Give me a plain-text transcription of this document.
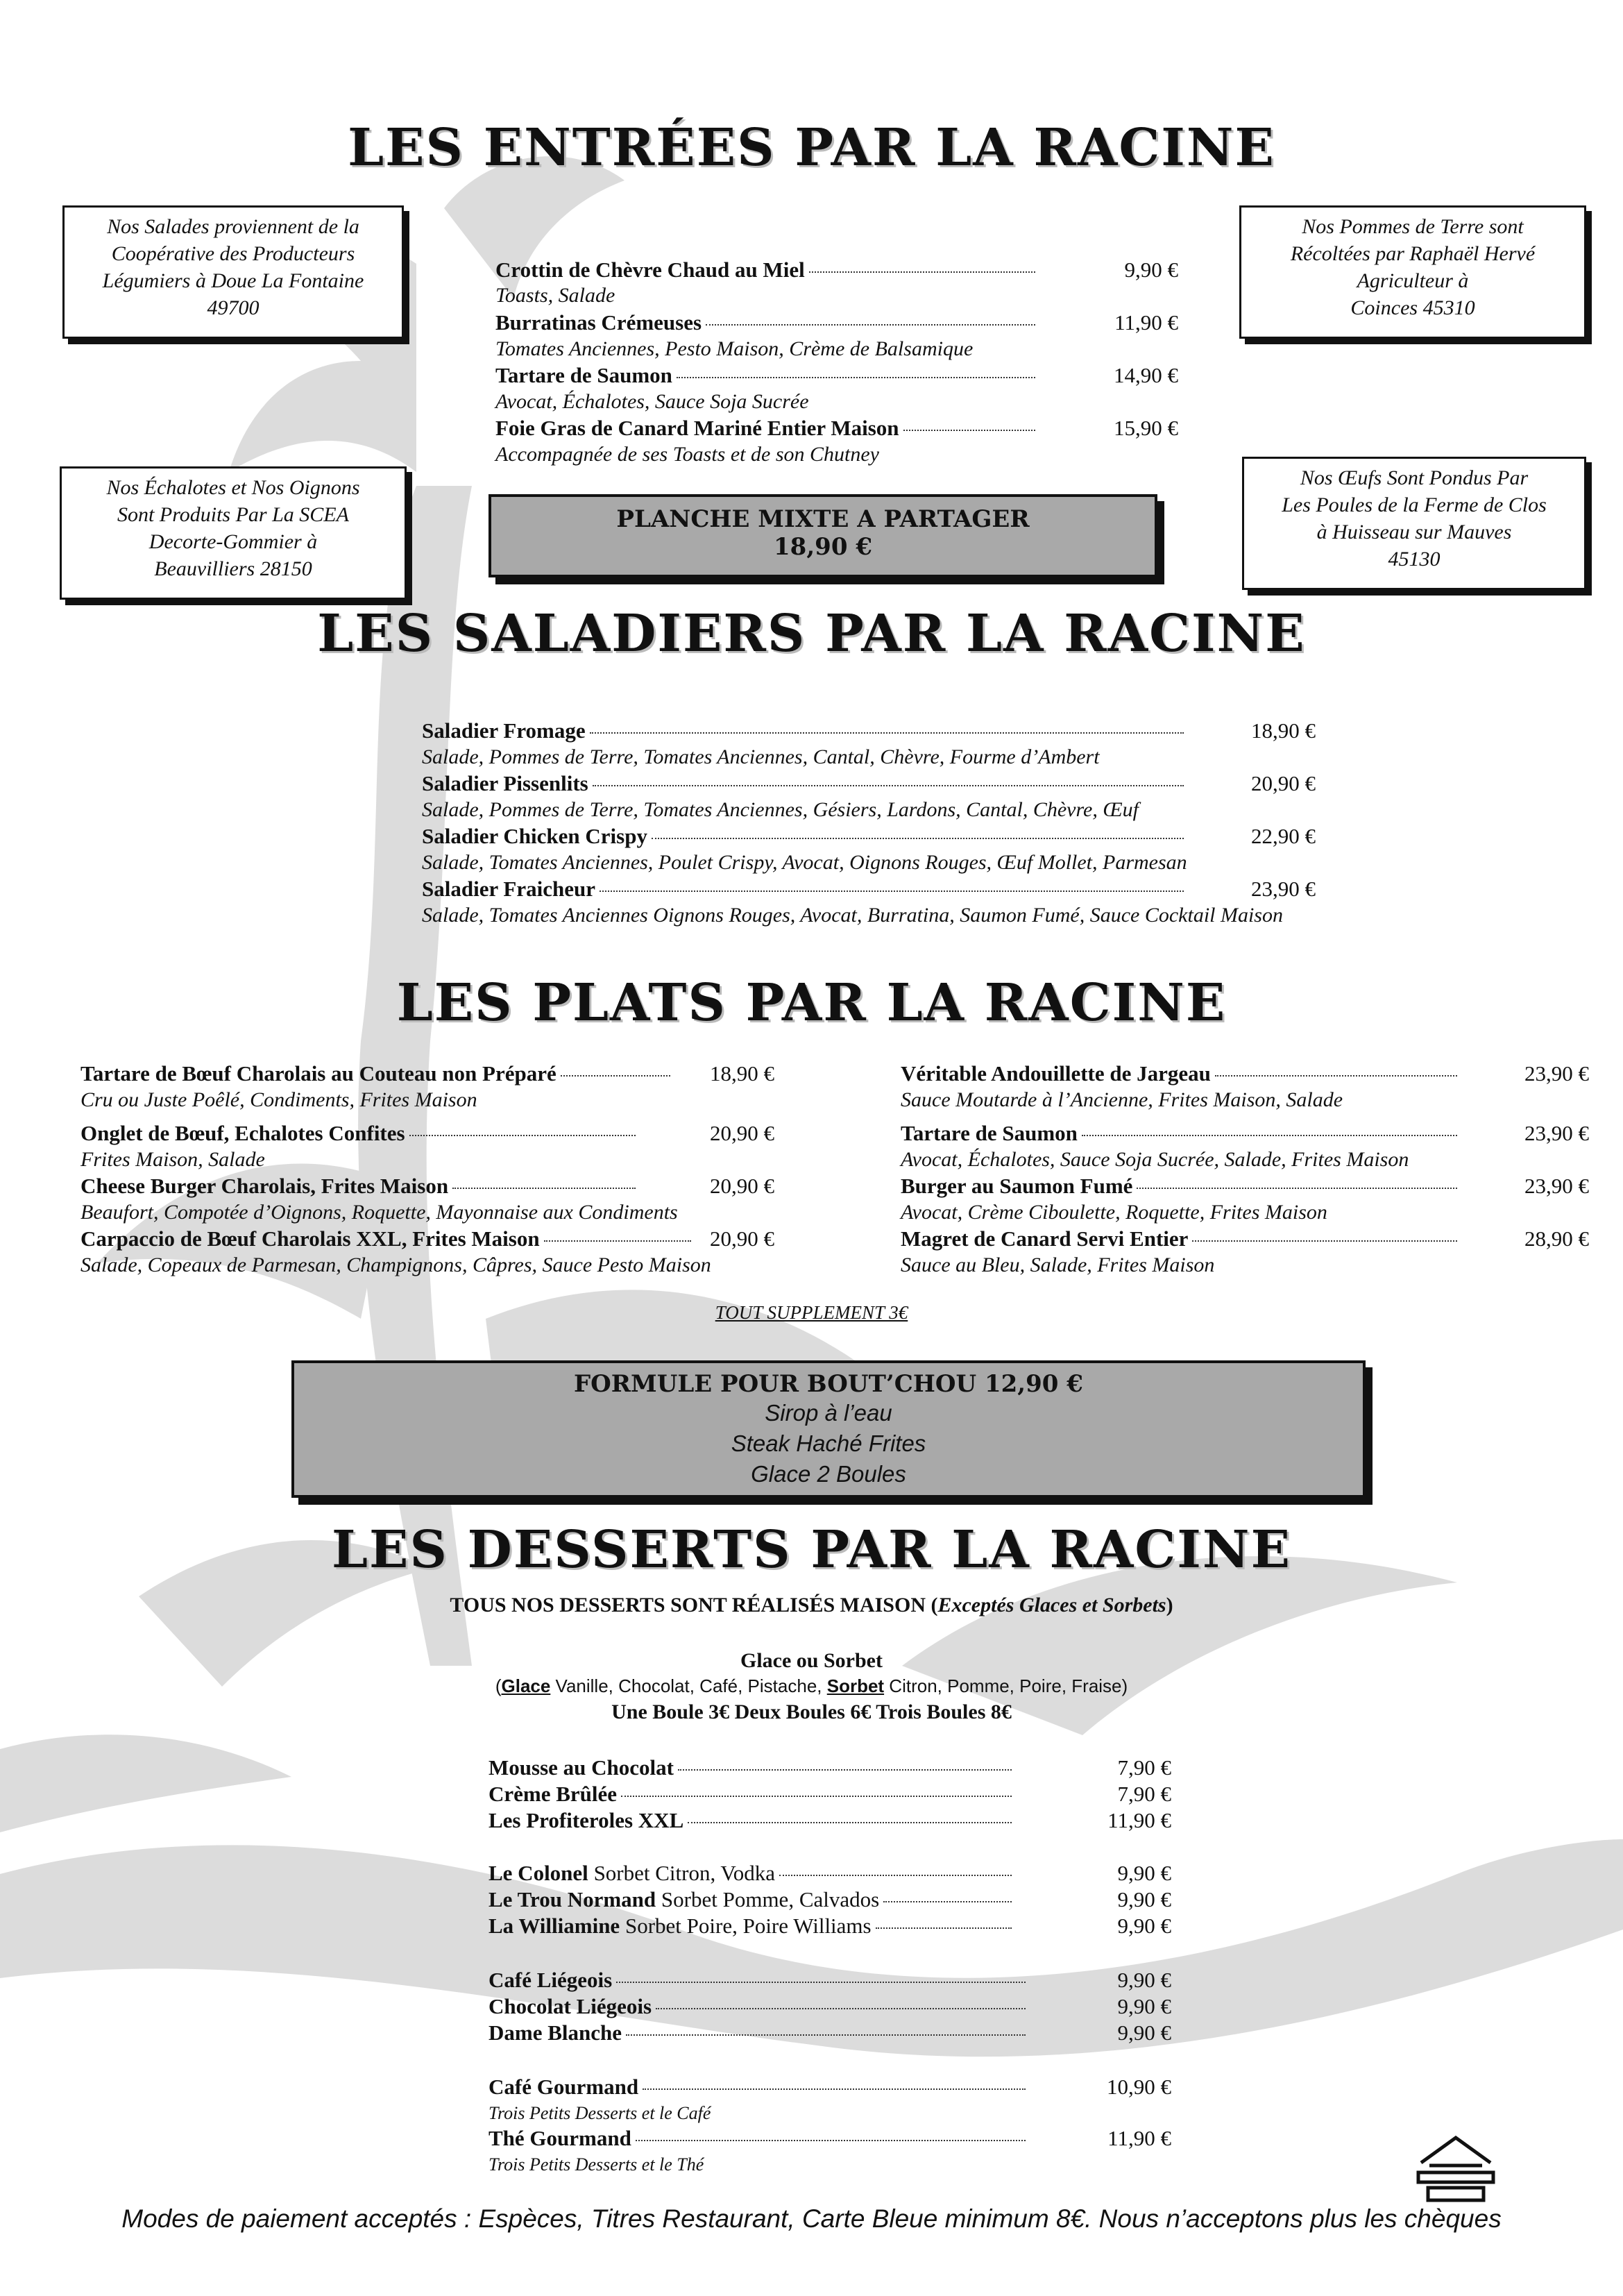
LES ENTRÉES PAR LA RACINE
LES SALADIERS PAR LA RACINE
LES PLATS PAR LA RACINE
LES DESSERTS PAR LA RACINE
Nos Salades proviennent de la
Coopérative des Producteurs
Légumiers à Doue La Fontaine
49700
Nos Pommes de Terre sont
Récoltées par Raphaël Hervé
Agriculteur à
Coinces 45310
Nos Échalotes et Nos Oignons
Sont Produits Par La SCEA
Decorte-Gommier à
Beauvilliers 28150
Nos Œufs Sont Pondus Par
Les Poules de la Ferme de Clos
à Huisseau sur Mauves
45130
Crottin de Chèvre Chaud au Miel	9,90 €
Toasts, Salade
Burratinas Crémeuses	11,90 €
Tomates Anciennes, Pesto Maison, Crème de Balsamique
Tartare de Saumon	14,90 €
Avocat, Échalotes, Sauce Soja Sucrée
Foie Gras de Canard Mariné Entier Maison	15,90 €
Accompagnée de ses Toasts et de son Chutney
PLANCHE MIXTE A PARTAGER
18,90 €
Saladier Fromage	18,90 €
Salade, Pommes de Terre, Tomates Anciennes, Cantal, Chèvre, Fourme d’Ambert
Saladier Pissenlits	20,90 €
Salade, Pommes de Terre, Tomates Anciennes, Gésiers, Lardons, Cantal, Chèvre, Œuf
Saladier Chicken Crispy	22,90 €
Salade, Tomates Anciennes, Poulet Crispy, Avocat, Oignons Rouges, Œuf Mollet, Parmesan
Saladier Fraicheur	23,90 €
Salade, Tomates Anciennes Oignons Rouges, Avocat, Burratina, Saumon Fumé, Sauce Cocktail Maison
Tartare de Bœuf Charolais au Couteau non Préparé	18,90 €
Cru ou Juste Poêlé, Condiments, Frites Maison
Onglet de Bœuf, Echalotes Confites	20,90 €
Frites Maison, Salade
Cheese Burger Charolais, Frites Maison	20,90 €
Beaufort, Compotée d’Oignons, Roquette, Mayonnaise aux Condiments
Carpaccio de Bœuf Charolais XXL, Frites Maison	20,90 €
Salade, Copeaux de Parmesan, Champignons, Câpres, Sauce Pesto Maison
Véritable Andouillette de Jargeau	23,90 €
Sauce Moutarde à l’Ancienne, Frites Maison, Salade
Tartare de Saumon	23,90 €
Avocat, Échalotes, Sauce Soja Sucrée, Salade, Frites Maison
Burger au Saumon Fumé	23,90 €
Avocat, Crème Ciboulette, Roquette, Frites Maison
Magret de Canard Servi Entier	28,90 €
Sauce au Bleu, Salade, Frites Maison
TOUT SUPPLEMENT 3€
FORMULE POUR BOUT’CHOU 12,90 €
Sirop à l’eau
Steak Haché Frites
Glace 2 Boules
TOUS NOS DESSERTS SONT RÉALISÉS MAISON (Exceptés Glaces et Sorbets)
Glace ou Sorbet
(Glace Vanille, Chocolat, Café, Pistache, Sorbet Citron, Pomme, Poire, Fraise)
Une Boule 3€ Deux Boules 6€ Trois Boules 8€
Mousse au Chocolat	7,90 €
Crème Brûlée	7,90 €
Les Profiteroles XXL	11,90 €
Le Colonel Sorbet Citron, Vodka	9,90 €
Le Trou Normand Sorbet Pomme, Calvados	9,90 €
La Williamine Sorbet Poire, Poire Williams	9,90 €
Café Liégeois	9,90 €
Chocolat Liégeois	9,90 €
Dame Blanche	9,90 €
Café Gourmand	10,90 €
Trois Petits Desserts et le Café
Thé Gourmand	11,90 €
Trois Petits Desserts et le Thé
Modes de paiement acceptés : Espèces, Titres Restaurant, Carte Bleue minimum 8€. Nous n’acceptons plus les chèques
